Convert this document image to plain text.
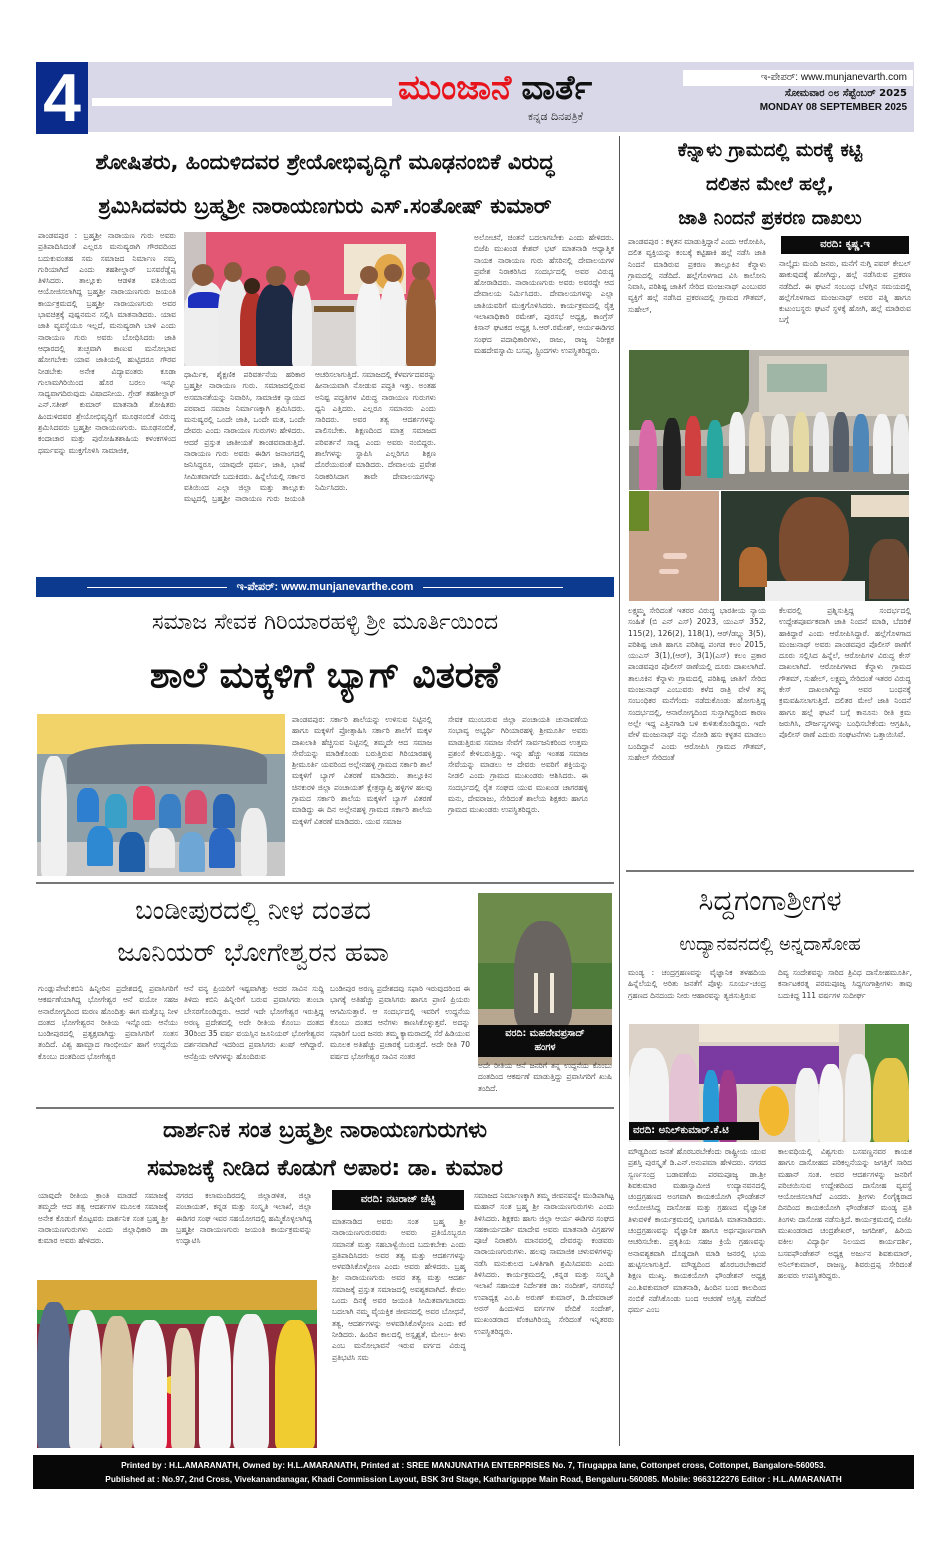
4	ಮುಂಜಾನೆ ವಾರ್ತೆ
ಕನ್ನಡ ದಿನಪತ್ರಿಕೆ
ಇ-ಪೇಪರ್: www.munjanevarth.com
ಸೋಮವಾರ ೦೮ ಸೆಪ್ಟೆಂಬರ್ 2025
MONDAY 08 SEPTEMBER 2025
ಶೋಷಿತರು, ಹಿಂದುಳಿದವರ ಶ್ರೇಯೋಭಿವೃದ್ಧಿಗೆ ಮೂಢನಂಬಿಕೆ ವಿರುದ್ಧ
ಶ್ರಮಿಸಿದವರು ಬ್ರಹ್ಮಶ್ರೀ ನಾರಾಯಣಗುರು ಎಸ್.ಸಂತೋಷ್ ಕುಮಾರ್
ಪಾಂಡವಪುರ : ಬ್ರಹ್ಮಶ್ರೀ ನಾರಾಯಣ ಗುರು ಅವರು ಪ್ರತಿಪಾದಿಸಿದಂತೆ ಎಲ್ಲರೂ ಮನುಷ್ಯರಾಗಿ ಗೌರವದಿಂದ ಬದುಕುವಂತಹ ಸಮ ಸಮಾಜದ ನಿರ್ಮಾಣ ನಮ್ಮ ಗುರಿಯಾಗಿದೆ ಎಂದು ತಹಶೀಲ್ದಾರ್ ಬಸವರೆಡ್ಡೆಪ್ಪ ತಿಳಿಸಿದರು. ತಾಲ್ಲೂಕು ಆಡಳಿತ ವತಿಯಿಂದ ಆಯೋಜಿಸಲಾಗಿದ್ದ ಬ್ರಹ್ಮಶ್ರೀ ನಾರಾಯಣಗುರು ಜಯಂತಿ ಕಾರ್ಯಕ್ರಮದಲ್ಲಿ ಬ್ರಹ್ಮಶ್ರೀ ನಾರಾಯಣಗುರು ಅವರ ಭಾವಚಿತ್ರಕ್ಕೆ ಪುಷ್ಪನಮನ ಸಲ್ಲಿಸಿ ಮಾತನಾಡಿದರು. ಯಾವ ಜಾತಿ ವ್ಯವಸ್ಥೆಯೂ ಇಲ್ಲದೆ, ಮನುಷ್ಯರಾಗಿ ಬಾಳಿ ಎಂದು ನಾರಾಯಣ ಗುರು ಅವರು ಬೋಧಿಸಿದರು ಜಾತಿ ಆಧಾರದಲ್ಲಿ ತುಚ್ಛವಾಗಿ ಕಾಣುವ ಮನೋಭಾವ ಹೋಗಬೇಕು ಯಾವ ಜಾತಿಯಲ್ಲಿ ಹುಟ್ಟಿದರೂ ಗೌರವ ನೀಡಬೇಕು ಅನೇಕ ವಿದ್ಯಾವಂತರು ಕೂಡಾ ಗುಲಾಮಗಿರಿಯಿಂದ ಹೊರ ಬರಲು ಇನ್ನೂ ಸಾಧ್ಯವಾಗದಿರುವುದು ವಿಷಾದನೀಯ. ಗ್ರೇಡ್ ತಹಶೀಲ್ದಾರ್ ಎನ್.ಸತೀಶ್ ಕುಮಾರ್ ಮಾತನಾಡಿ ಶೋಷಿತರು ಹಿಂದುಳಿದವರ ಶ್ರೇಯೋಭಿವೃದ್ಧಿಗೆ ಮೂಢನಂಬಿಕೆ ವಿರುದ್ಧ ಶ್ರಮಿಸಿದವರು ಬ್ರಹ್ಮಶ್ರೀ ನಾರಾಯಣಗುರು. ಮೂಢನಂಬಿಕೆ, ಕಂದಾಚಾರ ಮತ್ತು ಪುರೋಹಿತಶಾಹಿಯ ಕಳಂಕಗಳಿಂದ ಧರ್ಮವನ್ನು ಮುಕ್ತಗೊಳಿಸಿ ಸಾಮಾಜಿಕ,
ಧಾರ್ಮಿಕ, ಶೈಕ್ಷಣಿಕ ಪರಿವರ್ತನೆಯ ಹರಿಕಾರ ಬ್ರಹ್ಮಶ್ರೀ ನಾರಾಯಣ ಗುರು. ಸಮಾಜದಲ್ಲಿರುವ ಅಸಮಾನತೆಯನ್ನು ನಿವಾರಿಸಿ, ಸಾಮಾಜಿಕ ನ್ಯಾಯದ ಪರವಾದ ಸಮಾಜ ನಿರ್ಮಾಣಕ್ಕಾಗಿ ಶ್ರಮಿಸಿದರು. ಮನುಷ್ಯರಲ್ಲಿ ಒಂದೇ ಜಾತಿ, ಒಂದೇ ಮತ, ಒಂದೇ ದೇವರು ಎಂದು ನಾರಾಯಣ ಗುರುಗಳು ಹೇಳಿದರು. ಆದರೆ ಪ್ರಸ್ತುತ ಜಾತೀಯತೆ ತಾಂಡವವಾಡುತ್ತಿದೆ. ನಾರಾಯಣ ಗುರು ಅವರು ಈಡಿಗ ಜನಾಂಗದಲ್ಲಿ ಜನಿಸಿದ್ದರೂ, ಯಾವುದೇ ಧರ್ಮ, ಜಾತಿ, ಭಾಷೆ ಸೀಮಿತವಾಗದೇ ಬದುಕಿದರು. ಹಿನ್ನೆಲೆಯಲ್ಲಿ ಸರ್ಕಾರ ವತಿಯಿಂದ ಎಲ್ಲಾ ಜಿಲ್ಲಾ ಮತ್ತು ತಾಲ್ಲೂಕು ಮಟ್ಟದಲ್ಲಿ ಬ್ರಹ್ಮಶ್ರೀ ನಾರಾಯಣ ಗುರು ಜಯಂತಿ ಆಚರಿಸಲಾಗುತ್ತಿದೆ. ಸಮಾಜದಲ್ಲಿ ಕೆಳವರ್ಗದವರನ್ನು ಹೀನಾಯವಾಗಿ ನೋಡುವ ಪದ್ಧತಿ ಇತ್ತು. ಅಂತಹ ಅನಿಷ್ಟ ಪದ್ಧತಿಗಳ ವಿರುದ್ಧ ನಾರಾಯಣ ಗುರುಗಳು ಧ್ವನಿ ಎತ್ತಿದರು. ಎಲ್ಲರೂ ಸಮಾನರು ಎಂದು ಸಾರಿದರು. ಅವರ ತತ್ವ ಆದರ್ಶಗಳನ್ನು ಪಾಲಿಸಬೇಕು. ಶಿಕ್ಷಣದಿಂದ ಮಾತ್ರ ಸಮಾಜದ ಪರಿವರ್ತನೆ ಸಾಧ್ಯ ಎಂದು ಅವರು ನಂಬಿದ್ದರು. ಶಾಲೆಗಳನ್ನು ಸ್ಥಾಪಿಸಿ ಎಲ್ಲರಿಗೂ ಶಿಕ್ಷಣ ದೊರೆಯುವಂತೆ ಮಾಡಿದರು. ದೇವಾಲಯ ಪ್ರವೇಶ ನಿರಾಕರಿಸಿದಾಗ ತಾವೇ ದೇವಾಲಯಗಳನ್ನು ನಿರ್ಮಿಸಿದರು.
ಅಲೋಚನೆ, ಚಿಂತನೆ ಬದಲಾಗಬೇಕು ಎಂದು ಹೇಳಿದರು. ಬಿಜೆಪಿ ಮುಖಂಡ ಕೇಶವ್ ಭಟ್ ಮಾತನಾಡಿ ಆಧ್ಯಾತ್ಮಿಕ ನಾಯಕ ನಾರಾಯಣ ಗುರು ಹೆಸರಿನಲ್ಲಿ ದೇವಾಲಯಗಳ ಪ್ರವೇಶ ನಿರಾಕರಿಸಿದ ಸಂದರ್ಭದಲ್ಲಿ ಅವರ ವಿರುದ್ಧ ಹೋರಾಡಿದರು. ನಾರಾಯಣಗುರು ಅವರು ಅವರದ್ದೇ ಆದ ದೇವಾಲಯ ನಿರ್ಮಿಸಿದರು. ದೇವಾಲಯಗಳನ್ನು ಎಲ್ಲಾ ಜಾತಿಯವರಿಗೆ ಮುಕ್ತಗೊಳಿಸಿದರು. ಕಾರ್ಯಕ್ರಮದಲ್ಲಿ ರೈತ್ತ ಇಲಾಖಾಧಿಕಾರಿ ರಮೇಶ್, ಪುರಸಭೆ ಅಧ್ಯಕ್ಷ, ಕಾಂಗ್ರೆಸ್ ಕಿಸಾನ್ ಘಟಕದ ಅಧ್ಯಕ್ಷ ಸಿ.ಆರ್.ರಮೇಶ್, ಆರ್ಯಈಡಿಗರ ಸಂಘದ ಪದಾಧಿಕಾರಿಗಳು, ರಾಜು, ರಾಜ್ಯ ನಿರೀಕ್ಷಕ ಮಹದೇವಸ್ವಾಮಿ ಬಸಪ್ಪ, ಸ್ಟ್ರಿಂದಗಳು ಉಪಸ್ಥಿತರಿದ್ದರು.
ಕೆನ್ನಾಳು ಗ್ರಾಮದಲ್ಲಿ ಮರಕ್ಕೆ ಕಟ್ಟಿ
ದಲಿತನ ಮೇಲೆ ಹಲ್ಲೆ,
ಜಾತಿ ನಿಂದನೆ ಪ್ರಕರಣ ದಾಖಲು
ಪಾಂಡವಪುರ : ಕಳ್ಳತನ ಮಾಡುತ್ತಿದ್ದಾನೆ ಎಂದು ಆರೋಪಿಸಿ, ದಲಿತ ವ್ಯಕ್ತಿಯನ್ನು ಕಂಬಕ್ಕೆ ಕಟ್ಟಿಹಾಕಿ ಹಲ್ಲೆ ನಡೆಸಿ ಜಾತಿ ನಿಂದನೆ ಮಾಡಿರುವ ಪ್ರಕರಣ ತಾಲ್ಲೂಕಿನ ಕೆನ್ನಾಳು ಗ್ರಾಮದಲ್ಲಿ ನಡೆದಿದೆ. ಹಲ್ಲೆಗೊಳಗಾದ ವಿಸಿ ಕಾಲೋನಿ ನಿವಾಸಿ, ಪರಿಶಿಷ್ಟ ಜಾತಿಗೆ ಸೇರಿದ ಮಂಜುನಾಥ್ ಎಂಬುವರ ವ್ಯಕ್ತಿಗೆ ಹಲ್ಲೆ ನಡೆಸಿದ ಪ್ರಕರಣದಲ್ಲಿ ಗ್ರಾಮದ ಗೌತಮ್, ಸುಹೇಲ್,
ವರದಿ: ಕೃಷ್ಣ.ಇ
ನಾಲ್ಕೈದು ಮಂದಿ ಜನರು, ಮನೆಗೆ ನುಗ್ಗಿ ಪವರ್ ಕೇಬಲ್ ಹಾಕುವುದಕ್ಕೆ ಹೋಗಿದ್ದು, ಹಲ್ಲೆ ನಡೆಸಿರುವ ಪ್ರಕರಣ ನಡೆದಿದೆ. ಈ ಘಟನೆ ಸಂಬಂಧ ಬೆಳಗ್ಗಿನ ಸಮಯದಲ್ಲಿ ಹಲ್ಲೆಗೊಳಗಾದ ಮಂಜುನಾಥ್ ಅವರ ಪತ್ನಿ ಹಾಗೂ ಕುಟುಂಬಸ್ಥರು ಘಟನೆ ಸ್ಥಳಕ್ಕೆ ಹೋಗಿ, ಹಲ್ಲೆ ಮಾಡಿರುವ ಬಗ್ಗೆ
ಲಕ್ಷ್ಮಮ್ಮ ಸೇರಿದಂತೆ ಇತರರ ವಿರುದ್ಧ ಭಾರತೀಯ ನ್ಯಾಯ ಸಂಹಿತೆ (ಬಿ ಎನ್ ಎಸ್) 2023, ಯುಎಸ್ 352, 115(2), 126(2), 118(1), ಆರ್/ಡಬ್ಲ್ಯು 3(5), ಪರಿಶಿಷ್ಟ ಜಾತಿ ಹಾಗೂ ಪರಿಶಿಷ್ಟ ಪಂಗಡ ಕಲಂ 2015, ಯುಎಸ್ 3(1),(ಆರ್), 3(1)(ಎಸ್) ಕಲಂ ಪ್ರಕಾರ ಪಾಂಡವಪುರ ಪೊಲೀಸ್ ಠಾಣೆಯಲ್ಲಿ ದೂರು ದಾಖಲಾಗಿದೆ. ತಾಲೂಕಿನ ಕೆನ್ನಾಳು ಗ್ರಾಮದಲ್ಲಿ ಪರಿಶಿಷ್ಟ ಜಾತಿಗೆ ಸೇರಿದ ಮಂಜುನಾಥ್ ಎಂಬುವರು ಕಳೆದ ರಾತ್ರಿ ವೇಳೆ ತನ್ನ ಸಂಬಂಧಿಕರ ಮನೆಗೆಂದು ನಡೆದುಕೊಂಡು ಹೋಗುತ್ತಿದ್ದ ಸಂದರ್ಭದಲ್ಲಿ, ಆನಾರೋಗ್ಯದಿಂದ ಸುಸ್ತಾಗಿದ್ದರಿಂದ ಕಾರಣ ಅಲ್ಲೇ ಇದ್ದ ಎತ್ತಿನಗಾಡಿ ಬಳಿ ಕುಳಿತುಕೊಂಡಿದ್ದರು. ಇದೇ ವೇಳೆ ಮಂಜುನಾಥ್ ನನ್ನು ನೋಡಿ ಹಸು ಕಳ್ಳತನ ಮಾಡಲು ಬಂದಿದ್ದಾನೆ ಎಂದು ಆರೋಪಿಸಿ ಗ್ರಾಮದ ಗೌತಮ್, ಸುಹೇಲ್ ಸೇರಿದಂತೆ
ಕೆಲವರಲ್ಲಿ ಪ್ರಶ್ನಿಸುತ್ತಿದ್ದ ಸಂದರ್ಭದಲ್ಲಿ ಉದ್ದೇಶಪೂರ್ವಕವಾಗಿ ಜಾತಿ ನಿಂದನೆ ಮಾಡಿ, ಬೆದರಿಕೆ ಹಾಕಿದ್ದಾರೆ ಎಂದು ಆರೋಪಿಸಿದ್ದಾರೆ. ಹಲ್ಲೆಗೊಳಗಾದ ಮಂಜುನಾಥ್ ಅವರು ಪಾಂಡವಪುರ ಪೊಲೀಸ್ ಠಾಣೆಗೆ ದೂರು ಸಲ್ಲಿಸಿದ ಹಿನ್ನೆಲೆ, ಆರೋಪಿಗಳ ವಿರುದ್ಧ ಕೇಸ್ ದಾಖಲಾಗಿದೆ. ಆರೋಪಿಗಳಾದ ಕೆನ್ನಾಳು ಗ್ರಾಮದ ಗೌತಮ್, ಸುಹೇಲ್, ಲಕ್ಷ್ಮಮ್ಮ ಸೇರಿದಂತೆ ಇತರರ ವಿರುದ್ಧ ಕೇಸ್ ದಾಖಲಾಗಿದ್ದು ಅವರ ಬಂಧನಕ್ಕೆ ಕ್ರಮವಹಿಸಲಾಗುತ್ತಿದೆ. ದಲಿತರ ಮೇಲೆ ಜಾತಿ ನಿಂದನೆ ಹಾಗೂ ಹಲ್ಲೆ ಘಟನೆ ಬಗ್ಗೆ ಕಾನೂನು ರೀತಿ ಕ್ರಮ ಜರುಗಿಸಿ, ದೌರ್ಜನ್ಯಗಳನ್ನು ಬಂಧಿಸಬೇಕೆಂದು ಆಗ್ರಹಿಸಿ, ಪೊಲೀಸ್ ಠಾಣೆ ಎದುರು ಸಂಘಟನೆಗಳು ಒತ್ತಾಯಿಸಿವೆ.
ಇ-ಪೇಪರ್: www.munjanevarthe.com
ಸಮಾಜ ಸೇವಕ ಗಿರಿಯಾರಹಳ್ಳಿ ಶ್ರೀ ಮೂರ್ತಿಯಿಂದ
ಶಾಲೆ ಮಕ್ಕಳಿಗೆ ಬ್ಯಾಗ್ ವಿತರಣೆ
ಪಾಂಡವಪುರ: ಸರ್ಕಾರಿ ಶಾಲೆಯನ್ನು ಉಳಿಸುವ ನಿಟ್ಟಿನಲ್ಲಿ ಹಾಗೂ ಮಕ್ಕಳಿಗೆ ಪ್ರೋತ್ಸಾಹಿಸಿ ಸರ್ಕಾರಿ ಶಾಲೆಗೆ ಮಕ್ಕಳ ದಾಖಲಾತಿ ಹೆಚ್ಚಿಸುವ ನಿಟ್ಟಿನಲ್ಲಿ ತಮ್ಮದೇ ಆದ ಸಮಾಜ ಸೇವೆಯನ್ನು ಮಾಡಿಕೊಂಡು ಬರುತ್ತಿರುವ ಗಿರಿಯಾರಹಳ್ಳಿ ಶ್ರೀಮೂರ್ತಿ ಯವರಿಂದ ಅಲ್ಲೇನಹಳ್ಳಿ ಗ್ರಾಮದ ಸರ್ಕಾರಿ ಶಾಲೆ ಮಕ್ಕಳಿಗೆ ಬ್ಯಾಗ್ ವಿತರಣೆ ಮಾಡಿದರು. ತಾಲ್ಲೂಕಿನ ಚಿನಕುರಳಿ ಜಿಲ್ಲಾ ಪಂಚಾಯತ್ ಕ್ಷೇತ್ರವ್ಯಾಪ್ತಿ ಹಳ್ಳಿಗಳ ಹಲವು ಗ್ರಾಮದ ಸರ್ಕಾರಿ ಶಾಲೆಯ ಮಕ್ಕಳಿಗೆ ಬ್ಯಾಗ್ ವಿತರಣೆ ಮಾಡಿದ್ದು ಈ ದಿನ ಅಲ್ಲೇನಹಳ್ಳಿ ಗ್ರಾಮದ ಸರ್ಕಾರಿ ಶಾಲೆಯ ಮಕ್ಕಳಿಗೆ ವಿತರಣೆ ಮಾಡಿದರು. ಯುವ ಸಮಾಜ
ಸೇವಕ ಮುಂಬರುವ ಜಿಲ್ಲಾ ಪಂಚಾಯತಿ ಚುನಾವಣೆಯ ಸಂಭಾವ್ಯ ಅಭ್ಯರ್ಥಿ ಗಿರಿಯಾರಹಳ್ಳಿ ಶ್ರೀಮೂರ್ತಿ ಅವರು ಮಾಡುತ್ತಿರುವ ಸಮಾಜ ಸೇವೆಗೆ ಸಾರ್ವಜನಿಕರಿಂದ ಉತ್ತಮ ಪ್ರಶಂಸೆ ಕೇಳಿಬರುತ್ತಿದ್ದು. ಇನ್ನು ಹೆಚ್ಚು ಇಂತಹ ಸಮಾಜ ಸೇವೆಯನ್ನು ಮಾಡಲು ಆ ದೇವರು ಅವರಿಗೆ ಶಕ್ತಿಯನ್ನು ನೀಡಲಿ ಎಂದು ಗ್ರಾಮದ ಮುಖಂಡರು ಆಶಿಸಿದರು. ಈ ಸಂದರ್ಭದಲ್ಲಿ ರೈತ ಸಂಘದ ಯುವ ಮುಖಂಡ ಚಾಗರಹಳ್ಳಿ ಮನು, ದೇವರಾಜು, ಸೇರಿದಂತೆ ಶಾಲೆಯ ಶಿಕ್ಷಕರು ಹಾಗೂ ಗ್ರಾಮದ ಮುಖಂಡರು ಉಪಸ್ಥಿತರಿದ್ದರು.
ಬಂಡೀಪುರದಲ್ಲಿ ನೀಳ ದಂತದ
ಜೂನಿಯರ್ ಭೋಗೇಶ್ವರನ ಹವಾ
ವರದಿ: ಮಹದೇವಪ್ರಸಾದ್
ಹಂಗಳ
ಗುಂಡ್ಲುಪೇಟೆ:ಕಬಿನಿ ಹಿನ್ನೀರಿನ ಪ್ರದೇಶದಲ್ಲಿ ಪ್ರವಾಸಿಗರಿಗೆ ಆಕರ್ಷಣೆಯಾಗಿದ್ದ ಭೋಗೇಶ್ವರ ಆನೆ ವಯೋ ಸಹಜ ಅನಾರೋಗ್ಯದಿಂದ ಮರಣ ಹೊಂದಿತ್ತು ಈಗ ಮತ್ತೊಬ್ಬ ನೀಳ ದಂತದ ಭೋಗೇಶ್ವರನ ರೀತಿಯ ಇನ್ನೊಂದು ಆನೆಯು ಬಂಡೀಪುರದಲ್ಲಿ ಪ್ರತ್ಯಕ್ಷವಾಗಿದ್ದು ಪ್ರವಾಸಿಗರಿಗೆ ಸಂತಸ ತಂದಿದೆ. ವಿಶ್ವ ಹಾಮ್ಬಾದ ಗಾಂಭೀರ್ಯ ಹಾಗೆ ಉದ್ದನೆಯ ಕೊಂಬು ದಂತದಿಂದ ಭೋಗೇಶ್ವರ
ಆನೆ ವನ್ಯ ಪ್ರಿಯರಿಗೆ ಇಷ್ಟವಾಗಿತ್ತು ಅದರ ಸಾವಿನ ಸುದ್ದಿ ತಿಳಿದು ಕಬಿನಿ ಹಿನ್ನೀರಿಗೆ ಬರುವ ಪ್ರವಾಸಿಗರು ತುಂಬಾ ಬೇಸರಗೊಂಡಿದ್ದರು. ಆದರೆ ಇದೇ ಭೋಗೇಶ್ವರ ಇರುತ್ತಿದ್ದ ಅರಣ್ಯ ಪ್ರದೇಶದಲ್ಲಿ ಅದೇ ರೀತಿಯ ಕೊಂಬು ದಂತದ 30ರಿಂದ 35 ವರ್ಷ ವಯಸ್ಸಿನ ಜೂನಿಯರ್ ಭೋಗೇಶ್ವರನ ದರ್ಶನವಾಗಿದೆ ಇದರಿಂದ ಪ್ರವಾಸಿಗರು ಖುಷ್ ಆಗಿದ್ದಾರೆ. ಆನೆಪ್ರಿಯ ಅಗಿಗಳನ್ನು ಹೊಂದಿರುವ
ಬಂಡೀಪುರ ಅರಣ್ಯ ಪ್ರದೇಶದವು ಸಫಾರಿ ಇರುವುದರಿಂದ ಈ ಭಾಗಕ್ಕೆ ಅತಿಹೆಚ್ಚು ಪ್ರವಾಸಿಗರು ಹಾಗೂ ಪ್ರಾಣಿ ಪ್ರಿಯರು ಆಗಮಿಸುತ್ತಾರೆ. ಆ ಸಂದರ್ಭದಲ್ಲಿ ಇವರಿಗೆ ಉದ್ದನೆಯ ಕೊಂಬು ದಂತದ ಆನೆಗಳು ಕಾಣಸಿಕೊಳ್ಳುತ್ತವೆ. ಅದನ್ನು ಸಫಾರಿಗೆ ಬಂದ ಜನರು ತಮ್ಮ ಕ್ಯಾಮರಾದಲ್ಲಿ ಸೆರೆ ಹಿಡಿಯುವ ಮೂಲಕ ಅತಿಹೆಚ್ಚು ಪ್ರಚಾರಕ್ಕೆ ಬರುತ್ತದೆ. ಅದೇ ರೀತಿ 70 ವರ್ಷದ ಭೋಗೇಶ್ವರ ಸಾವಿನ ನಂತರ
ಅದೇ ರೀತಿಯ ಆನೆ ಜನರಿಗೆ ತನ್ನ ಉದ್ದನೆಯ ಕೊಂಬು ದಂತದಿಂದ ಆಕರ್ಷಣೆ ಮಾಡುತ್ತಿದ್ದು ಪ್ರವಾಸಿಗರಿಗೆ ಖುಷಿ ತಂದಿದೆ.
ಸಿದ್ದಗಂಗಾಶ್ರೀಗಳ
ಉದ್ಯಾನವನದಲ್ಲಿ ಅನ್ನದಾಸೋಹ
ಮಂಡ್ಯ : ಚಂದ್ರಗ್ರಹಣವನ್ನು ವೈಜ್ಞಾನಿಕ ತಳಹದಿಯ ಹಿನ್ನೆಲೆಯಲ್ಲಿ ಅರಿತು ಜನತೆಗೆ ಪೊಳ್ಳು ಸೂರ್ಯ-ಚಂದ್ರ ಗ್ರಹಣದ ದಿನದಂದು ನೀರು ಆಹಾರವನ್ನು ತ್ಯಜಿಸುತ್ತಿರುವ
ದಿವ್ಯ ಸಂದೇಶವನ್ನು ಸಾರಿದ ತ್ರಿವಿಧ ದಾಸೋಹಮೂರ್ತಿ, ಕರ್ನಾಟಕರತ್ನ ಪರಮಪೂಜ್ಯ ಸಿದ್ದಗಂಗಾಶ್ರೀಗಳು ತಾವು ಬದುಕಿದ್ದ 111 ವರ್ಷಗಳ ಸುದೀರ್ಘ
ವರದಿ: ಅನಿಲ್‌ಕುಮಾರ್.ಕೆ.ಟಿ
ಮೌಢ್ಯದಿಂದ ಜನತೆ ಹೊರಬರಬೇಕೆಂದು ರಾಷ್ಟ್ರೀಯ ಯುವ ಪ್ರಶಸ್ತಿ ಪುರಸ್ಕೃತೆ ಡಿ.ಎನ್.ಅನುಪಮಾ ಹೇಳಿದರು. ನಗರದ ಸ್ವರ್ಣಸಂದ್ರ ಬಡಾವಣೆಯ ಪರಮಪೂಜ್ಯ ಡಾ.ಶ್ರೀ ಶಿವಕುಮಾರ ಮಹಾಸ್ವಾಮೀಜಿ ಉದ್ಯಾನವನದಲ್ಲಿ ಚಂದ್ರಗ್ರಹಣದ ಅಂಗವಾಗಿ ಕಾಯಕಯೋಗಿ ಫೌಂಡೇಶನ್ ಆಯೋಜಿಸಿದ್ದ ದಾಸೋಹ ಮತ್ತು ಗ್ರಹಣದ ವೈಜ್ಞಾನಿಕ ತಿಳುವಳಿಕೆ ಕಾರ್ಯಕ್ರಮದಲ್ಲಿ ಭಾಗವಹಿಸಿ ಮಾತನಾಡಿದರು. ಚಂದ್ರಗ್ರಹಣವನ್ನು ವೈಜ್ಞಾನಿಕ ಹಾಗೂ ಅರ್ಥಪೂರ್ಣವಾಗಿ ಆಚರಿಸಬೇಕು. ಪ್ರಕೃತಿಯ ಸಹಜ ಕ್ರಿಯೆ ಗ್ರಹಣವನ್ನು ಅನಾವಶ್ಯಕವಾಗಿ ದೊಡ್ಡದಾಗಿ ಮಾಡಿ ಜನರಲ್ಲಿ ಭಯ ಹುಟ್ಟಿಸಲಾಗುತ್ತಿದೆ. ಮೌಢ್ಯದಿಂದ ಹೊರಬರಬೇಕಾದರೆ ಶಿಕ್ಷಣ ಮುಖ್ಯ. ಕಾಯಕಯೋಗಿ ಫೌಂಡೇಶನ್ ಅಧ್ಯಕ್ಷ ಎಂ.ಶಿವಕುಮಾರ್ ಮಾತನಾಡಿ, ಹಿಂದಿನ ಬಂದ ಕಾಲದಿಂದ ನಂಬಿಕೆ ನಡೆಸಿಕೊಂಡು ಬಂದ ಆಚರಣೆ ಅಸ್ತಿತ್ವ ಪಡೆದಿದೆ ಧರ್ಮ ಎಂಬ
ಕಾಲವಧಿಯಲ್ಲಿ ವಿಶ್ವಗುರು ಬಸವಣ್ಣನವರ ಕಾಯಕ ಹಾಗೂ ದಾಸೋಹದ ಪರಿಕಲ್ಪನೆಯನ್ನು ಜಗತ್ತಿಗೆ ಸಾರಿದ ಮಹಾನ್ ಸಂತ. ಅವರ ಆದರ್ಶಗಳನ್ನು ಜನರಿಗೆ ಪರಿಚಯಿಸುವ ಉದ್ದೇಶದಿಂದ ದಾಸೋಹ ವ್ಯವಸ್ಥೆ ಆಯೋಜಿಸಲಾಗಿದೆ ಎಂದರು. ಶ್ರೀಗಳು ಲಿಂಗೈಕ್ಯರಾದ ದಿನದಿಂದ ಕಾಯಕಯೋಗಿ ಫೌಂಡೇಶನ್ ಮಂಡ್ಯ ಪ್ರತಿ ತಿಂಗಳು ದಾಸೋಹ ನಡೆಸುತ್ತಿದೆ. ಕಾರ್ಯಕ್ರಮದಲ್ಲಿ ಬಿಜೆಪಿ ಮುಖಂಡರಾದ ಚಂದ್ರಶೇಖರ್, ಜಗದೀಶ್, ಹಿರಿಯ ವಕೀಲ ವಿದ್ಯಾರ್ಥಿ ನಿಲಯದ ಕಾರ್ಯದರ್ಶಿ, ಬಸವಫೌಂಡೇಶನ್ ಅಧ್ಯಕ್ಷ ಅರ್ಜುನ ಶಿವಕುಮಾರ್, ಅನಿಲ್‌ಕುಮಾರ್, ರಾಜಣ್ಣ, ಶಿವರುದ್ರಪ್ಪ ಸೇರಿದಂತೆ ಹಲವರು ಉಪಸ್ಥಿತರಿದ್ದರು.
ದಾರ್ಶನಿಕ ಸಂತ ಬ್ರಹ್ಮಶ್ರೀ ನಾರಾಯಣಗುರುಗಳು
ಸಮಾಜಕ್ಕೆ ನೀಡಿದ ಕೊಡುಗೆ ಅಪಾರ: ಡಾ. ಕುಮಾರ
ಯಾವುದೇ ರೀತಿಯ ಕ್ರಾಂತಿ ಮಾಡದೆ ಸಮಾಜಕ್ಕೆ ತಮ್ಮದೇ ಆದ ತತ್ವ ಆದರ್ಶಗಳ ಮೂಲಕ ಸಮಾಜಕ್ಕೆ ಅನೇಕ ಕೊಡುಗೆ ಕೊಟ್ಟವರು ದಾರ್ಶನಿಕ ಸಂತ ಬ್ರಹ್ಮ ಶ್ರೀ ನಾರಾಯಣಗುರುಗಳು ಎಂದು ಜಿಲ್ಲಾಧಿಕಾರಿ ಡಾ ಕುಮಾರ ಅವರು ಹೇಳಿದರು.
ನಗರದ ಕಲಾಮಂದಿರದಲ್ಲಿ ಜಿಲ್ಲಾಡಳಿತ, ಜಿಲ್ಲಾ ಪಂಚಾಯತ್, ಕನ್ನಡ ಮತ್ತು ಸಂಸ್ಕೃತಿ ಇಲಾಖೆ, ಜಿಲ್ಲಾ ಈಡಿಗರ ಸಂಘ ಇವರ ಸಹಯೋಗದಲ್ಲಿ ಹಮ್ಮಿಕೊಳ್ಳಲಾಗಿದ್ದ ಬ್ರಹ್ಮಶ್ರೀ ನಾರಾಯಣಗುರು ಜಯಂತಿ ಕಾರ್ಯಕ್ರಮವನ್ನು ಉದ್ಘಾಟಿಸಿ
ವರದಿ: ನಟರಾಜ್ ಚೆಟ್ಟಿ
ಮಾತನಾಡಿದ ಅವರು ಸಂತ ಬ್ರಹ್ಮ ಶ್ರೀ ನಾರಾಯಣಗುರುರವರು ಅವರು ಪ್ರತಿಯೊಬ್ಬರೂ ಸಮಾನತೆ ಮತ್ತು ಸಹಬಾಳ್ವೆಯಿಂದ ಬದುಕಬೇಕು ಎಂದು ಪ್ರತಿಪಾದಿಸಿದರು ಅವರ ತತ್ವ ಮತ್ತು ಆದರ್ಶಗಳನ್ನು ಅಳವಡಿಸಿಕೊಳ್ಳೋಣ ಎಂದು ಅವರು ಹೇಳಿದರು. ಬ್ರಹ್ಮ ಶ್ರೀ ನಾರಾಯಣಗುರು ಅವರ ತತ್ವ ಮತ್ತು ಆದರ್ಶ ಸಮಾಜಕ್ಕೆ ಪ್ರಸ್ತುತ ಸಮಾಜದಲ್ಲಿ ಅವಶ್ಯಕವಾಗಿದೆ. ಕೇವಲ ಒಂದು ದಿನಕ್ಕೆ ಅವರ ಜಯಂತಿ ಸೀಮಿತವಾಗಬಾರದು ಬದಲಾಗಿ ನಮ್ಮ ವೈಯಕ್ತಿಕ ಜೀವನದಲ್ಲಿ ಅವರ ಬೋಧನೆ, ತತ್ವ, ಆದರ್ಶಗಳನ್ನು ಅಳವಡಿಸಿಕೊಳ್ಳೋಣ ಎಂದು ಕರೆ ನೀಡಿದರು. ಹಿಂದಿನ ಕಾಲದಲ್ಲಿ ಅಸ್ಪೃಶ್ಯತೆ, ಮೇಲು- ಕೀಳು ಎಂಬ ಮನೋಭಾವನೆ ಇರುವ ವರ್ಗದ ವಿರುದ್ಧ ಪ್ರತಿಭಟಿಸಿ ಸಮ
ಸಮಾಜದ ನಿರ್ಮಾಣಕ್ಕಾಗಿ ತಮ್ಮ ಜೀವನವನ್ನೇ ಮುಡಿಪಾಗಿಟ್ಟ ಮಹಾನ್ ಸಂತ ಬ್ರಹ್ಮ ಶ್ರೀ ನಾರಾಯಣಗುರುಗಳು ಎಂದು ತಿಳಿಸಿದರು. ಶಿಕ್ಷಕರು ಹಾಗು ಜಿಲ್ಲಾ ಆರ್ಯ ಈಡಿಗರ ಸಂಘದ ಸಹಕಾರ್ಯದರ್ಶಿ ಮಾದೇವ ಅವರು ಮಾತನಾಡಿ ವಿಗ್ರಹಗಳ ಪೂಜೆ ನಿರಾಕರಿಸಿ ಮಾನವರಲ್ಲಿ ದೇವರನ್ನು ಕಂಡವರು ನಾರಾಯಣಗುರುಗಳು. ಹಲವು ಸಾಮಾಜಿಕ ಚಳುವಳಿಗಳನ್ನು ನಡೆಸಿ ಮನುಕುಲದ ಒಳಿತಿಗಾಗಿ ಶ್ರಮಿಸಿದವರು ಎಂದು ತಿಳಿಸಿದರು. ಕಾರ್ಯಕ್ರಮದಲ್ಲಿ ,ಕನ್ನಡ ಮತ್ತು ಸಂಸ್ಕೃತಿ ಇಲಾಖೆ ಸಹಾಯಕ ನಿರ್ದೇಶಕ ಡಾ: ನಂದೀಶ್, ನಗರಸಭೆ ಉಪಾಧ್ಯಕ್ಷ ಎಂ.ಪಿ ಅರುಣ್ ಕುಮಾರ್, ಡಿ.ದೇವರಾಜ್ ಅರಸ್ ಹಿಂದುಳಿದ ವರ್ಗಗಳ ವೇದಿಕೆ ಸಂದೇಶ್, ಮುಖಂಡರಾದ ವೆಂಕಟಗಿರಿಯ್ಯ ಸೇರಿದಂತೆ ಇನ್ನಿತರರು ಉಪಸ್ಥಿತರಿದ್ದರು.
Printed by : H.L.AMARANATH, Owned by: H.L.AMARANATH, Printed at : SREE MANJUNATHA ENTERPRISES No. 7, Tirugappa lane, Cottonpet cross, Cottonpet, Bangalore-560053.
Published at : No.97, 2nd Cross, Vivekanandanagar, Khadi Commission Layout, BSK 3rd Stage, Kathariguppe Main Road, Bengaluru-560085. Mobile: 9663122276 Editor : H.L.AMARANATH
